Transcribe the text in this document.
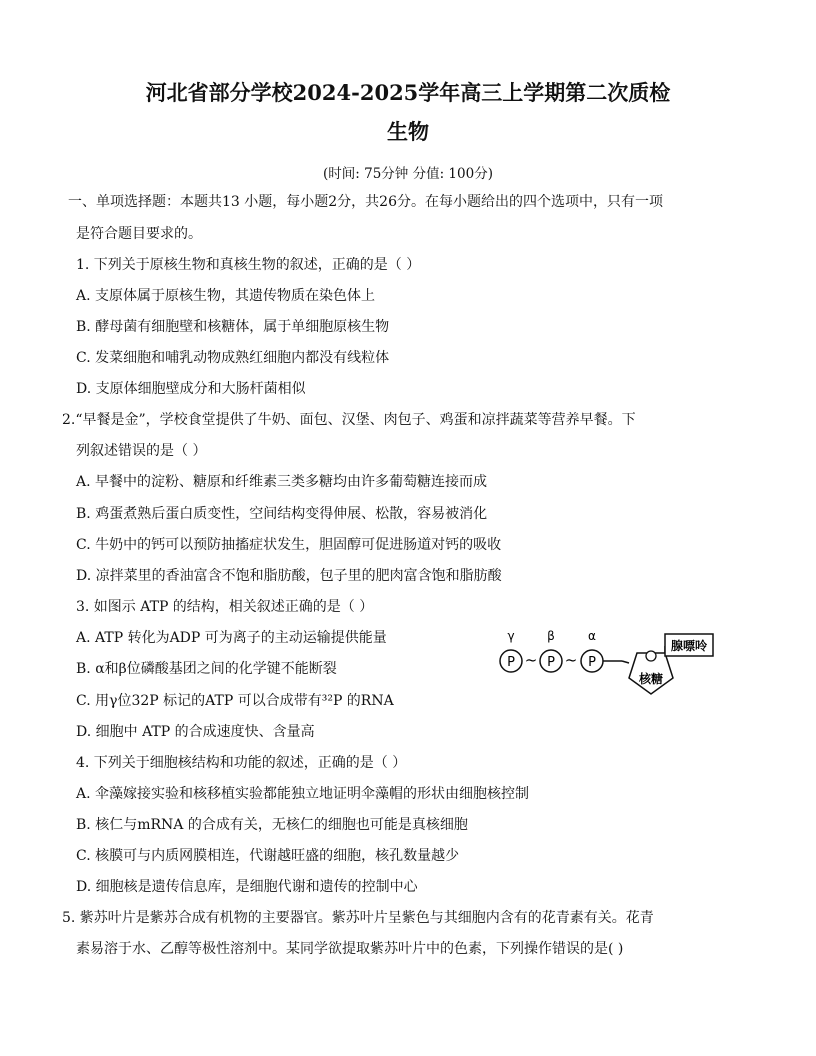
河北省部分学校2024-2025学年高三上学期第二次质检
生物
(时间: 75分钟 分值: 100分)
一、单项选择题：本题共13 小题，每小题2分，共26分。在每小题给出的四个选项中，只有一项
是符合题目要求的。
1. 下列关于原核生物和真核生物的叙述，正确的是（ ）
A. 支原体属于原核生物，其遗传物质在染色体上
B. 酵母菌有细胞壁和核糖体，属于单细胞原核生物
C. 发菜细胞和哺乳动物成熟红细胞内都没有线粒体
D. 支原体细胞壁成分和大肠杆菌相似
2.“早餐是金”，学校食堂提供了牛奶、面包、汉堡、肉包子、鸡蛋和凉拌蔬菜等营养早餐。下
列叙述错误的是（ ）
A. 早餐中的淀粉、糖原和纤维素三类多糖均由许多葡萄糖连接而成
B. 鸡蛋煮熟后蛋白质变性，空间结构变得伸展、松散，容易被消化
C. 牛奶中的钙可以预防抽搐症状发生，胆固醇可促进肠道对钙的吸收
D. 凉拌菜里的香油富含不饱和脂肪酸，包子里的肥肉富含饱和脂肪酸
3. 如图示 ATP 的结构，相关叙述正确的是（ ）
A. ATP 转化为ADP 可为离子的主动运输提供能量
B. α和β位磷酸基团之间的化学键不能断裂
C. 用γ位32P 标记的ATP 可以合成带有³²P 的RNA
D. 细胞中 ATP 的合成速度快、含量高
γ	β	α
P ~ P ~ P
核糖
腺嘌呤
4. 下列关于细胞核结构和功能的叙述，正确的是（ ）
A. 伞藻嫁接实验和核移植实验都能独立地证明伞藻帽的形状由细胞核控制
B. 核仁与mRNA 的合成有关，无核仁的细胞也可能是真核细胞
C. 核膜可与内质网膜相连，代谢越旺盛的细胞，核孔数量越少
D. 细胞核是遗传信息库，是细胞代谢和遗传的控制中心
5. 紫苏叶片是紫苏合成有机物的主要器官。紫苏叶片呈紫色与其细胞内含有的花青素有关。花青
素易溶于水、乙醇等极性溶剂中。某同学欲提取紫苏叶片中的色素，下列操作错误的是( )
